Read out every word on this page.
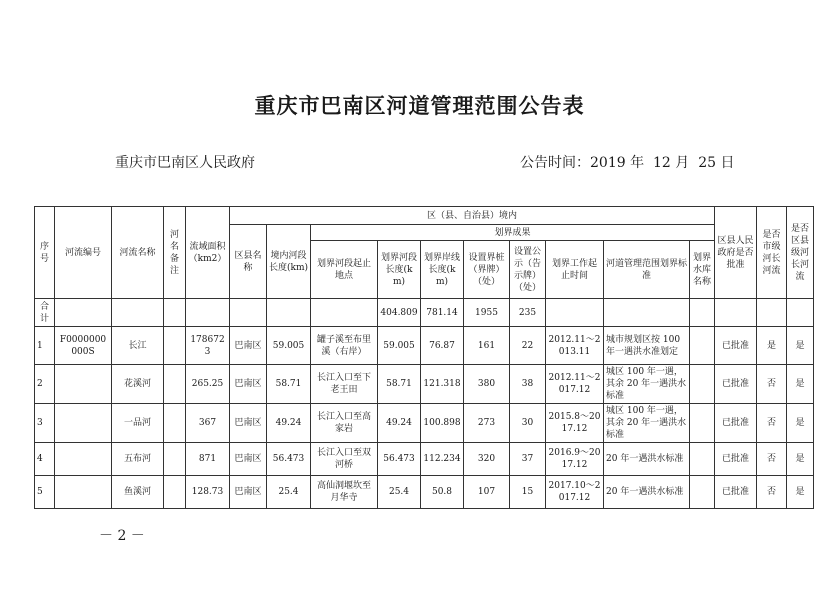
重庆市巴南区河道管理范围公告表
重庆市巴南区人民政府	公告时间：2019 年 12 月 25 日
序号	河流编号	河流名称	河名备注	流域面积（km2）	区（县、自治县）境内										区县人民政府是否批准	是否市级河长河流	是否区县级河长河流
					区县名称	境内河段长度(km)	划界成果										
							划界河段起止地点	划界河段长度(km)	划界岸线长度(km)	设置界桩（界牌）（处）	设置公示（告示牌）（处）	划界工作起止时间	河道管理范围划界标准	划界水库名称			
合计								404.809	781.14	1955	235						
1	F0000000000S	长江		1786723	巴南区	59.005	罐子溪至布里溪（右岸）	59.005	76.87	161	22	2012.11～2013.11	城市规划区按 100 年一遇洪水准划定		已批准	是	是
2		花溪河		265.25	巴南区	58.71	长江入口至下老王田	58.71	121.318	380	38	2012.11～2017.12	城区 100 年一遇，其余 20 年一遇洪水标准		已批准	否	是
3		一品河		367	巴南区	49.24	长江入口至高家岩	49.24	100.898	273	30	2015.8～2017.12	城区 100 年一遇，其余 20 年一遇洪水标准		已批准	否	是
4		五布河		871	巴南区	56.473	长江入口至双河桥	56.473	112.234	320	37	2016.9～2017.12	20 年一遇洪水标准		已批准	否	是
5		鱼溪河		128.73	巴南区	25.4	高仙洞堰坎至月华寺	25.4	50.8	107	15	2017.10～2017.12	20 年一遇洪水标准		已批准	否	是
－ 2 －
